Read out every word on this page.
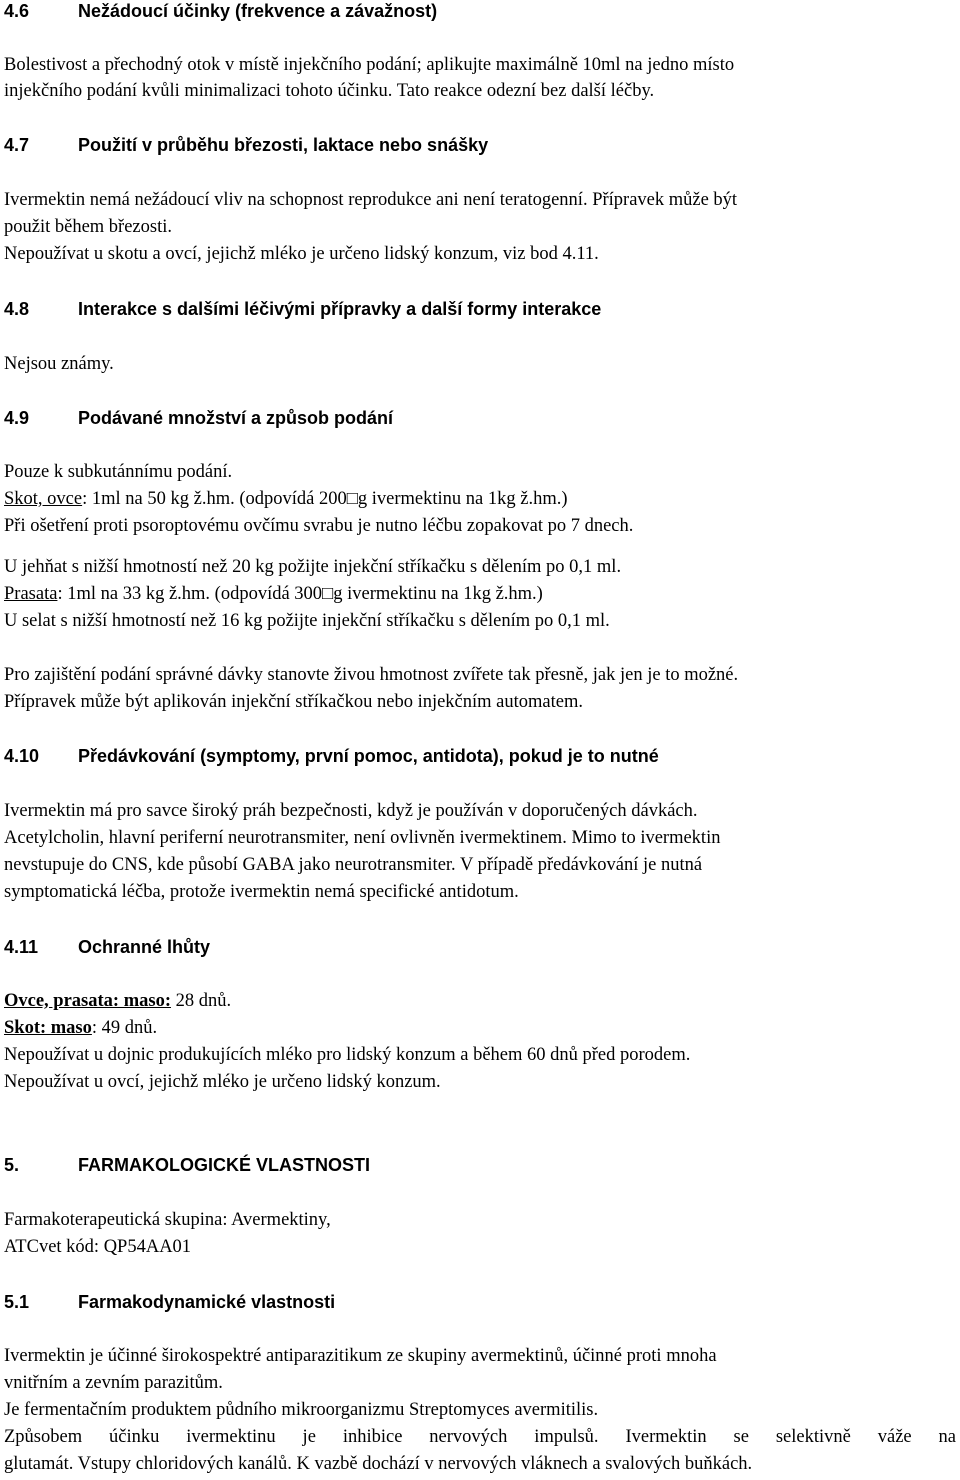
4.6	Nežádoucí účinky (frekvence a závažnost)
Bolestivost a přechodný otok v místě injekčního podání; aplikujte maximálně 10ml na jedno místo
injekčního podání kvůli minimalizaci tohoto účinku. Tato reakce odezní bez další léčby.
4.7	Použití v průběhu březosti, laktace nebo snášky
Ivermektin nemá nežádoucí vliv na schopnost reprodukce ani není teratogenní. Přípravek může být
použit během březosti.
Nepoužívat u skotu a ovcí, jejichž mléko je určeno lidský konzum, viz bod 4.11.
4.8	Interakce s dalšími léčivými přípravky a další formy interakce
Nejsou známy.
4.9	Podávané množství a způsob podání
Pouze k subkutánnímu podání.
Skot, ovce: 1ml na 50 kg ž.hm. (odpovídá 200□g ivermektinu na 1kg ž.hm.)
Při ošetření proti psoroptovému ovčímu svrabu je nutno léčbu zopakovat po 7 dnech.
U jehňat s nižší hmotností než 20 kg požijte injekční stříkačku s dělením po 0,1 ml.
Prasata: 1ml na 33 kg ž.hm. (odpovídá 300□g ivermektinu na 1kg ž.hm.)
U selat s nižší hmotností než 16 kg požijte injekční stříkačku s dělením po 0,1 ml.
Pro zajištění podání správné dávky stanovte živou hmotnost zvířete tak přesně, jak jen je to možné.
Přípravek může být aplikován injekční stříkačkou nebo injekčním automatem.
4.10 Předávkování (symptomy, první pomoc, antidota), pokud je to nutné
Ivermektin má pro savce široký práh bezpečnosti, když je používán v doporučených dávkách.
Acetylcholin, hlavní periferní neurotransmiter, není ovlivněn ivermektinem. Mimo to ivermektin
nevstupuje do CNS, kde působí GABA jako neurotransmiter. V případě předávkování je nutná
symptomatická léčba, protože ivermektin nemá specifické antidotum.
4.11 Ochranné lhůty
Ovce, prasata: maso: 28 dnů.
Skot: maso: 49 dnů.
Nepoužívat u dojnic produkujících mléko pro lidský konzum a během 60 dnů před porodem.
Nepoužívat u ovcí, jejichž mléko je určeno lidský konzum.
5.	FARMAKOLOGICKÉ VLASTNOSTI
Farmakoterapeutická skupina: Avermektiny,
ATCvet kód: QP54AA01
5.1	Farmakodynamické vlastnosti
Ivermektin je účinné širokospektré antiparazitikum ze skupiny avermektinů, účinné proti mnoha
vnitřním a zevním parazitům.
Je fermentačním produktem půdního mikroorganizmu Streptomyces avermitilis.
Způsobem účinku ivermektinu je inhibice nervových impulsů. Ivermektin se selektivně váže na
glutamát. Vstupy chloridových kanálů. K vazbě dochází v nervových vláknech a svalových buňkách.
